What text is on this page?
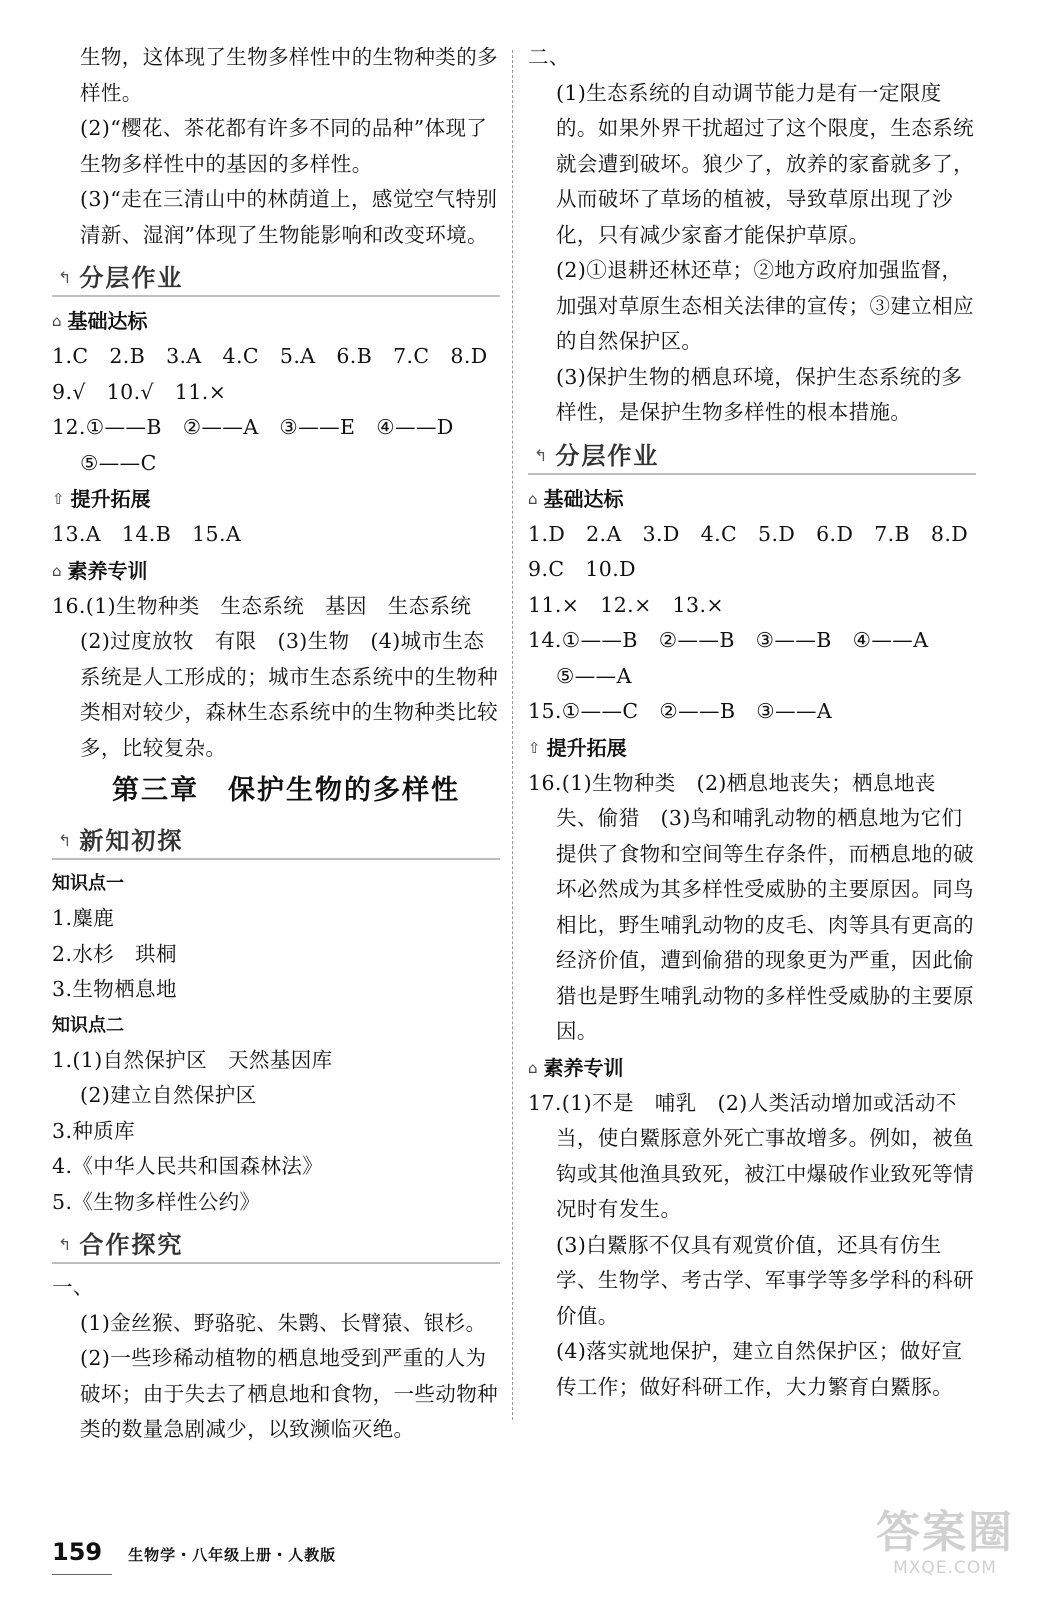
生物，这体现了生物多样性中的生物种类的多样性。

(2)“樱花、茶花都有许多不同的品种”体现了生物多样性中的基因的多样性。

(3)“走在三清山中的林荫道上，感觉空气特别清新、湿润”体现了生物能影响和改变环境。

↰ 分层作业
⌂ 基础达标

1.C　2.B　3.A　4.C　5.A　6.B　7.C　8.D

9.√　10.√　11.×

12.①——B　②——A　③——E　④——D

⑤——C

⇧ 提升拓展

13.A　14.B　15.A

⌂ 素养专训

16.(1)生物种类　生态系统　基因　生态系统

(2)过度放牧　有限　(3)生物　(4)城市生态系统是人工形成的；城市生态系统中的生物种类相对较少，森林生态系统中的生物种类比较多，比较复杂。

第三章　保护生物的多样性
↰ 新知初探
知识点一

1.麋鹿

2.水杉　珙桐

3.生物栖息地

知识点二

1.(1)自然保护区　天然基因库

(2)建立自然保护区

3.种质库

4.《中华人民共和国森林法》

5.《生物多样性公约》

↰ 合作探究

一、

(1)金丝猴、野骆驼、朱鹮、长臂猿、银杉。

(2)一些珍稀动植物的栖息地受到严重的人为破坏；由于失去了栖息地和食物，一些动物种类的数量急剧减少，以致濒临灭绝。

二、

(1)生态系统的自动调节能力是有一定限度的。如果外界干扰超过了这个限度，生态系统就会遭到破坏。狼少了，放养的家畜就多了，从而破坏了草场的植被，导致草原出现了沙化，只有减少家畜才能保护草原。

(2)①退耕还林还草；②地方政府加强监督，加强对草原生态相关法律的宣传；③建立相应的自然保护区。

(3)保护生物的栖息环境，保护生态系统的多样性，是保护生物多样性的根本措施。

↰ 分层作业
⌂ 基础达标

1.D　2.A　3.D　4.C　5.D　6.D　7.B　8.D

9.C　10.D

11.×　12.×　13.×

14.①——B　②——B　③——B　④——A

⑤——A

15.①——C　②——B　③——A

⇧ 提升拓展

16.(1)生物种类　(2)栖息地丧失；栖息地丧失、偷猎　(3)鸟和哺乳动物的栖息地为它们提供了食物和空间等生存条件，而栖息地的破坏必然成为其多样性受威胁的主要原因。同鸟相比，野生哺乳动物的皮毛、肉等具有更高的经济价值，遭到偷猎的现象更为严重，因此偷猎也是野生哺乳动物的多样性受威胁的主要原因。

⌂ 素养专训

17.(1)不是　哺乳　(2)人类活动增加或活动不当，使白鱀豚意外死亡事故增多。例如，被鱼钩或其他渔具致死，被江中爆破作业致死等情况时有发生。

(3)白鱀豚不仅具有观赏价值，还具有仿生学、生物学、考古学、军事学等多学科的科研价值。

(4)落实就地保护，建立自然保护区；做好宣传工作；做好科研工作，大力繁育白鱀豚。

159 生物学・八年级上册・人教版	答案圈
MXQE.COM
